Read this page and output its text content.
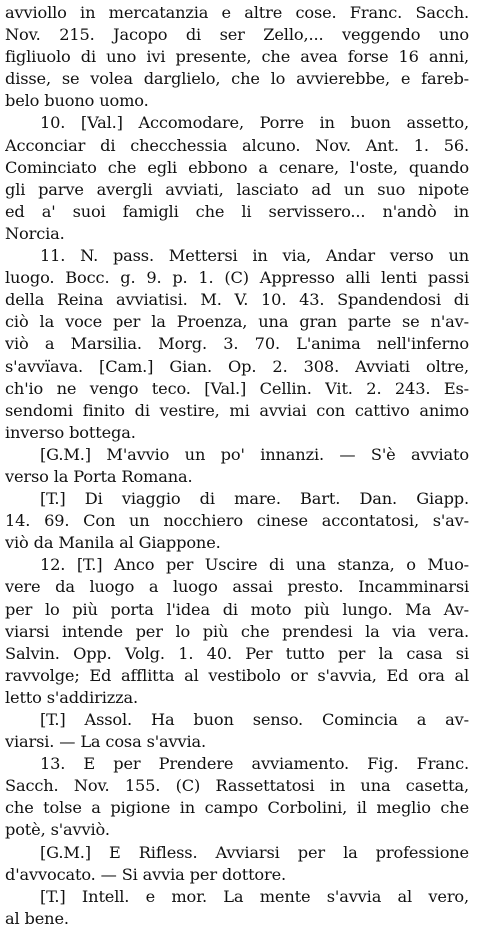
avviollo in mercatanzia e altre cose. Franc. Sacch.
Nov. 215. Jacopo di ser Zello,... veggendo uno
figliuolo di uno ivi presente, che avea forse 16 anni,
disse, se volea darglielo, che lo avvierebbe, e fareb-
belo buono uomo.
10. [Val.] Accomodare, Porre in buon assetto,
Acconciar di checchessia alcuno. Nov. Ant. 1. 56.
Cominciato che egli ebbono a cenare, l'oste, quando
gli parve avergli avviati, lasciato ad un suo nipote
ed a' suoi famigli che li servissero... n'andò in
Norcia.
11. N. pass. Mettersi in via, Andar verso un
luogo. Bocc. g. 9. p. 1. (C) Appresso alli lenti passi
della Reina avviatisi. M. V. 10. 43. Spandendosi di
ciò la voce per la Proenza, una gran parte se n'av-
viò a Marsilia. Morg. 3. 70. L'anima nell'inferno
s'avvïava. [Cam.] Gian. Op. 2. 308. Avviati oltre,
ch'io ne vengo teco. [Val.] Cellin. Vit. 2. 243. Es-
sendomi finito di vestire, mi avviai con cattivo animo
inverso bottega.
[G.M.] M'avvio un po' innanzi. — S'è avviato
verso la Porta Romana.
[T.] Di viaggio di mare. Bart. Dan. Giapp.
14. 69. Con un nocchiero cinese accontatosi, s'av-
viò da Manila al Giappone.
12. [T.] Anco per Uscire di una stanza, o Muo-
vere da luogo a luogo assai presto. Incamminarsi
per lo più porta l'idea di moto più lungo. Ma Av-
viarsi intende per lo più che prendesi la via vera.
Salvin. Opp. Volg. 1. 40. Per tutto per la casa si
ravvolge; Ed afflitta al vestibolo or s'avvia, Ed ora al
letto s'addirizza.
[T.] Assol. Ha buon senso. Comincia a av-
viarsi. — La cosa s'avvia.
13. E per Prendere avviamento. Fig. Franc.
Sacch. Nov. 155. (C) Rassettatosi in una casetta,
che tolse a pigione in campo Corbolini, il meglio che
potè, s'avviò.
[G.M.] E Rifless. Avviarsi per la professione
d'avvocato. — Si avvia per dottore.
[T.] Intell. e mor. La mente s'avvia al vero,
al bene.
